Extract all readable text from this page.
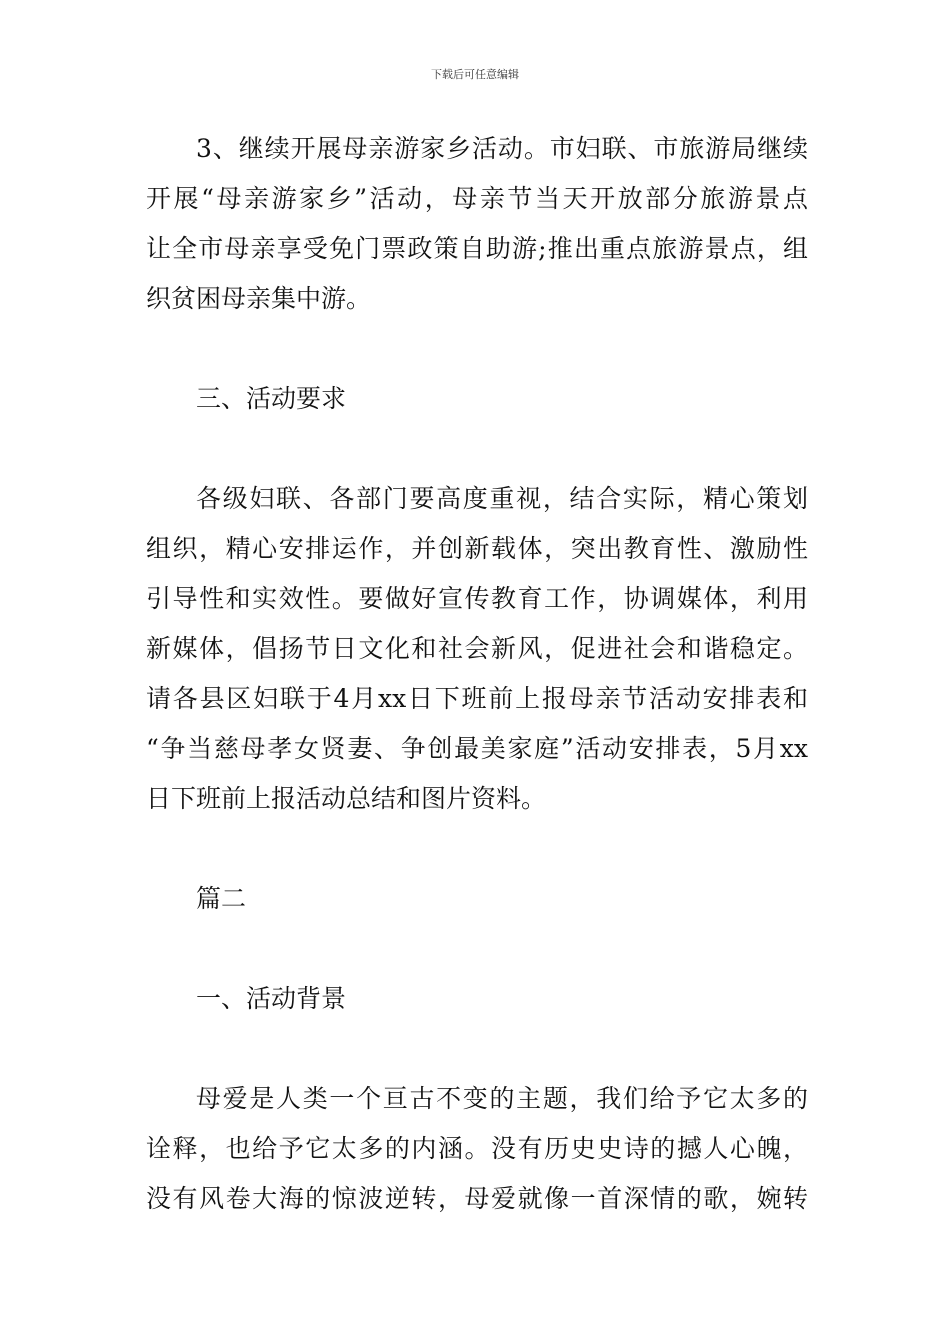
下载后可任意编辑
3、继续开展母亲游家乡活动。市妇联、市旅游局继续
开展“母亲游家乡”活动，母亲节当天开放部分旅游景点
让全市母亲享受免门票政策自助游;推出重点旅游景点，组
织贫困母亲集中游。
三、活动要求
各级妇联、各部门要高度重视，结合实际，精心策划
组织，精心安排运作，并创新载体，突出教育性、激励性
引导性和实效性。要做好宣传教育工作，协调媒体，利用
新媒体，倡扬节日文化和社会新风，促进社会和谐稳定。
请各县区妇联于4月xx日下班前上报母亲节活动安排表和
“争当慈母孝女贤妻、争创最美家庭”活动安排表，5月xx
日下班前上报活动总结和图片资料。
篇二
一、活动背景
母爱是人类一个亘古不变的主题，我们给予它太多的
诠释，也给予它太多的内涵。没有历史史诗的撼人心魄，
没有风卷大海的惊波逆转，母爱就像一首深情的歌，婉转
